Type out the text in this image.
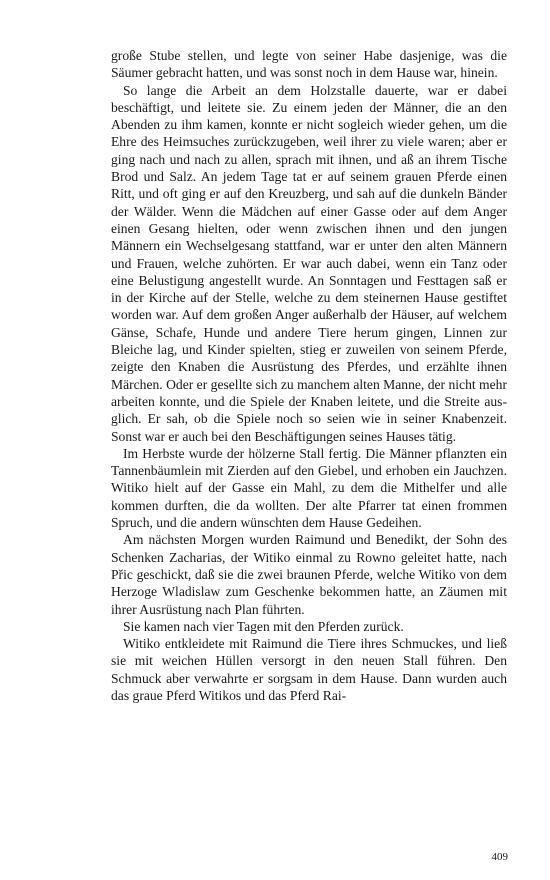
große Stube stellen, und legte von seiner Habe dasjenige, was die Säumer gebracht hatten, und was sonst noch in dem Hause war, hinein.

So lange die Arbeit an dem Holzstalle dauerte, war er dabei beschäftigt, und leitete sie. Zu einem jeden der Männer, die an den Abenden zu ihm kamen, konnte er nicht sogleich wieder gehen, um die Ehre des Heimsuches zurückzugeben, weil ihrer zu viele waren; aber er ging nach und nach zu allen, sprach mit ihnen, und aß an ihrem Tische Brod und Salz. An jedem Tage tat er auf seinem grauen Pferde einen Ritt, und oft ging er auf den Kreuzberg, und sah auf die dunkeln Bänder der Wälder. Wenn die Mädchen auf einer Gasse oder auf dem Anger einen Gesang hielten, oder wenn zwischen ihnen und den jungen Männern ein Wechselgesang stattfand, war er unter den alten Männern und Frauen, welche zuhörten. Er war auch dabei, wenn ein Tanz oder eine Belustigung angestellt wurde. An Sonntagen und Festtagen saß er in der Kirche auf der Stelle, welche zu dem steinernen Hause gestiftet worden war. Auf dem großen Anger außerhalb der Häuser, auf welchem Gänse, Schafe, Hunde und andere Tiere herum gingen, Linnen zur Bleiche lag, und Kinder spielten, stieg er zuweilen von seinem Pferde, zeigte den Knaben die Ausrüstung des Pferdes, und erzählte ihnen Märchen. Oder er gesellte sich zu manchem alten Manne, der nicht mehr arbeiten konnte, und die Spiele der Knaben leitete, und die Streite ausglich. Er sah, ob die Spiele noch so seien wie in seiner Knabenzeit. Sonst war er auch bei den Beschäftigungen seines Hauses tätig.

Im Herbste wurde der hölzerne Stall fertig. Die Männer pflanzten ein Tannenbäumlein mit Zierden auf den Giebel, und erhoben ein Jauchzen. Witiko hielt auf der Gasse ein Mahl, zu dem die Mithelfer und alle kommen durften, die da wollten. Der alte Pfarrer tat einen frommen Spruch, und die andern wünschten dem Hause Gedeihen.

Am nächsten Morgen wurden Raimund und Benedikt, der Sohn des Schenken Zacharias, der Witiko einmal zu Rowno geleitet hatte, nach Přic geschickt, daß sie die zwei braunen Pferde, welche Witiko von dem Herzoge Wladislaw zum Geschenke bekommen hatte, an Zäumen mit ihrer Ausrüstung nach Plan führten.

Sie kamen nach vier Tagen mit den Pferden zurück.

Witiko entkleidete mit Raimund die Tiere ihres Schmuckes, und ließ sie mit weichen Hüllen versorgt in den neuen Stall führen. Den Schmuck aber verwahrte er sorgsam in dem Hause. Dann wurden auch das graue Pferd Witikos und das Pferd Rai-

409
